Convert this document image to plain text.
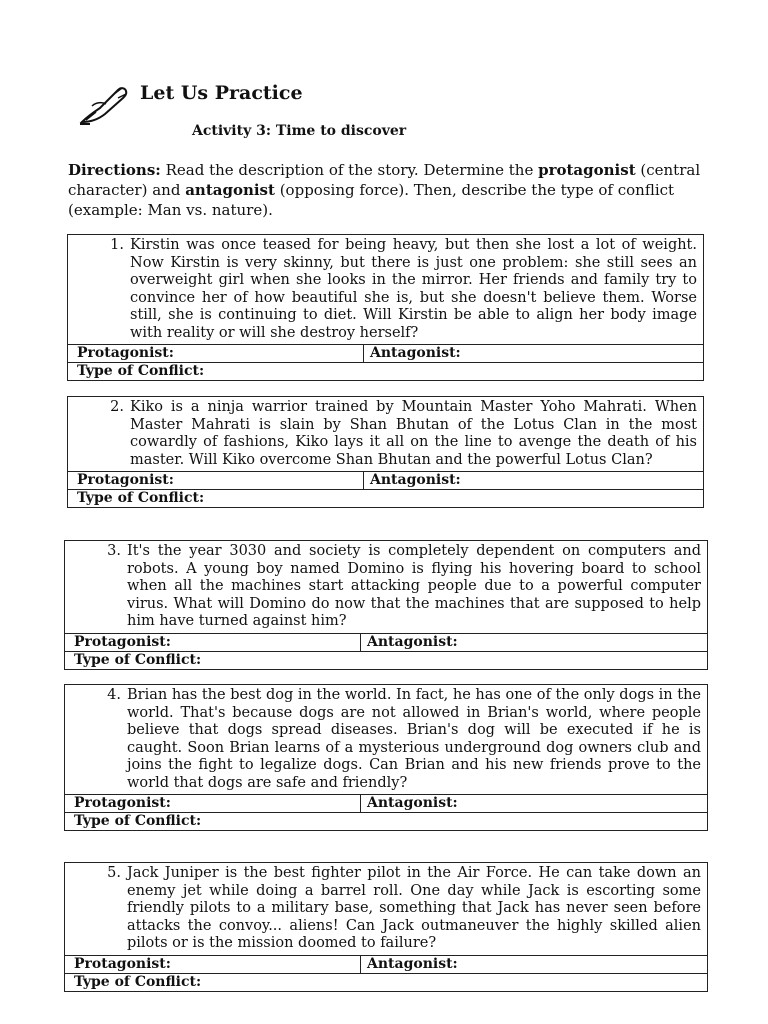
Let Us Practice
Activity 3: Time to discover
Directions: Read the description of the story. Determine the protagonist (central character) and antagonist (opposing force). Then, describe the type of conflict (example: Man vs. nature).
1. Kirstin was once teased for being heavy, but then she lost a lot of weight. Now Kirstin is very skinny, but there is just one problem: she still sees an overweight girl when she looks in the mirror. Her friends and family try to convince her of how beautiful she is, but she doesn't believe them. Worse still, she is continuing to diet. Will Kirstin be able to align her body image with reality or will she destroy herself?
Protagonist:	Antagonist:
Type of Conflict:
2. Kiko is a ninja warrior trained by Mountain Master Yoho Mahrati. When Master Mahrati is slain by Shan Bhutan of the Lotus Clan in the most cowardly of fashions, Kiko lays it all on the line to avenge the death of his master. Will Kiko overcome Shan Bhutan and the powerful Lotus Clan?
Protagonist:	Antagonist:
Type of Conflict:
3. It's the year 3030 and society is completely dependent on computers and robots. A young boy named Domino is flying his hovering board to school when all the machines start attacking people due to a powerful computer virus. What will Domino do now that the machines that are supposed to help him have turned against him?
Protagonist:	Antagonist:
Type of Conflict:
4. Brian has the best dog in the world. In fact, he has one of the only dogs in the world. That's because dogs are not allowed in Brian's world, where people believe that dogs spread diseases. Brian's dog will be executed if he is caught. Soon Brian learns of a mysterious underground dog owners club and joins the fight to legalize dogs. Can Brian and his new friends prove to the world that dogs are safe and friendly?
Protagonist:	Antagonist:
Type of Conflict:
5. Jack Juniper is the best fighter pilot in the Air Force. He can take down an enemy jet while doing a barrel roll. One day while Jack is escorting some friendly pilots to a military base, something that Jack has never seen before attacks the convoy... aliens! Can Jack outmaneuver the highly skilled alien pilots or is the mission doomed to failure?
Protagonist:	Antagonist:
Type of Conflict:
